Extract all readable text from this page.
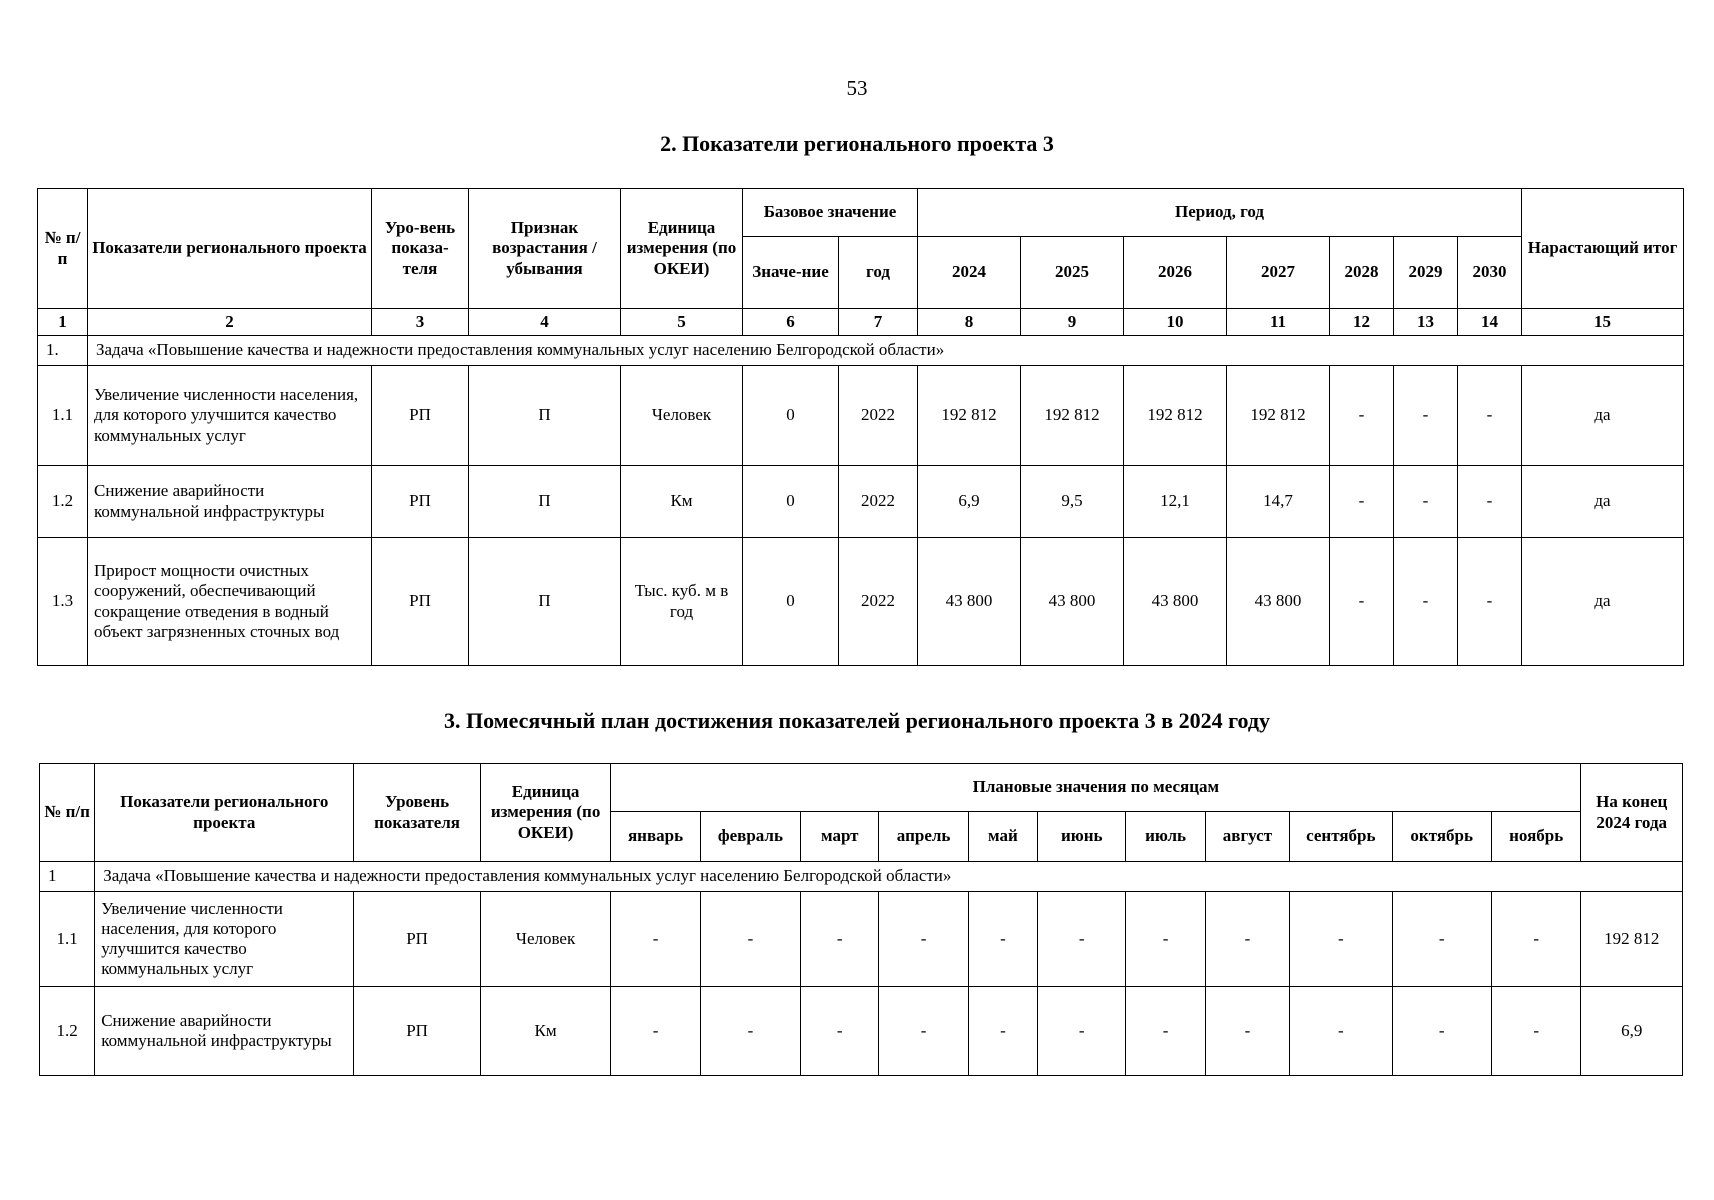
53
2. Показатели регионального проекта 3
№ п/п	Показатели регионального проекта	Уро-вень показа-теля	Признак возрастания / убывания	Единица измерения (по ОКЕИ)	Базовое значение		Период, год							Нарастающий итог
					Значе-ние	год	2024	2025	2026	2027	2028	2029	2030	
1	2	3	4	5	6	7	8	9	10	11	12	13	14	15
1.	Задача «Повышение качества и надежности предоставления коммунальных услуг населению Белгородской области»													
1.1	Увеличение численности населения, для которого улучшится качество коммунальных услуг	РП	П	Человек	0	2022	192 812	192 812	192 812	192 812	-	-	-	да
1.2	Снижение аварийности коммунальной инфраструктуры	РП	П	Км	0	2022	6,9	9,5	12,1	14,7	-	-	-	да
1.3	Прирост мощности очистных сооружений, обеспечивающий сокращение отведения в водный объект загрязненных сточных вод	РП	П	Тыс. куб. м в год	0	2022	43 800	43 800	43 800	43 800	-	-	-	да
3. Помесячный план достижения показателей регионального проекта 3 в 2024 году
№ п/п	Показатели регионального проекта	Уровень показателя	Единица измерения (по ОКЕИ)	Плановые значения по месяцам											На конец 2024 года
				январь	февраль	март	апрель	май	июнь	июль	август	сентябрь	октябрь	ноябрь	
1	Задача «Повышение качества и надежности предоставления коммунальных услуг населению Белгородской области»														
1.1	Увеличение численности населения, для которого улучшится качество коммунальных услуг	РП	Человек	-	-	-	-	-	-	-	-	-	-	-	192 812
1.2	Снижение аварийности коммунальной инфраструктуры	РП	Км	-	-	-	-	-	-	-	-	-	-	-	6,9
